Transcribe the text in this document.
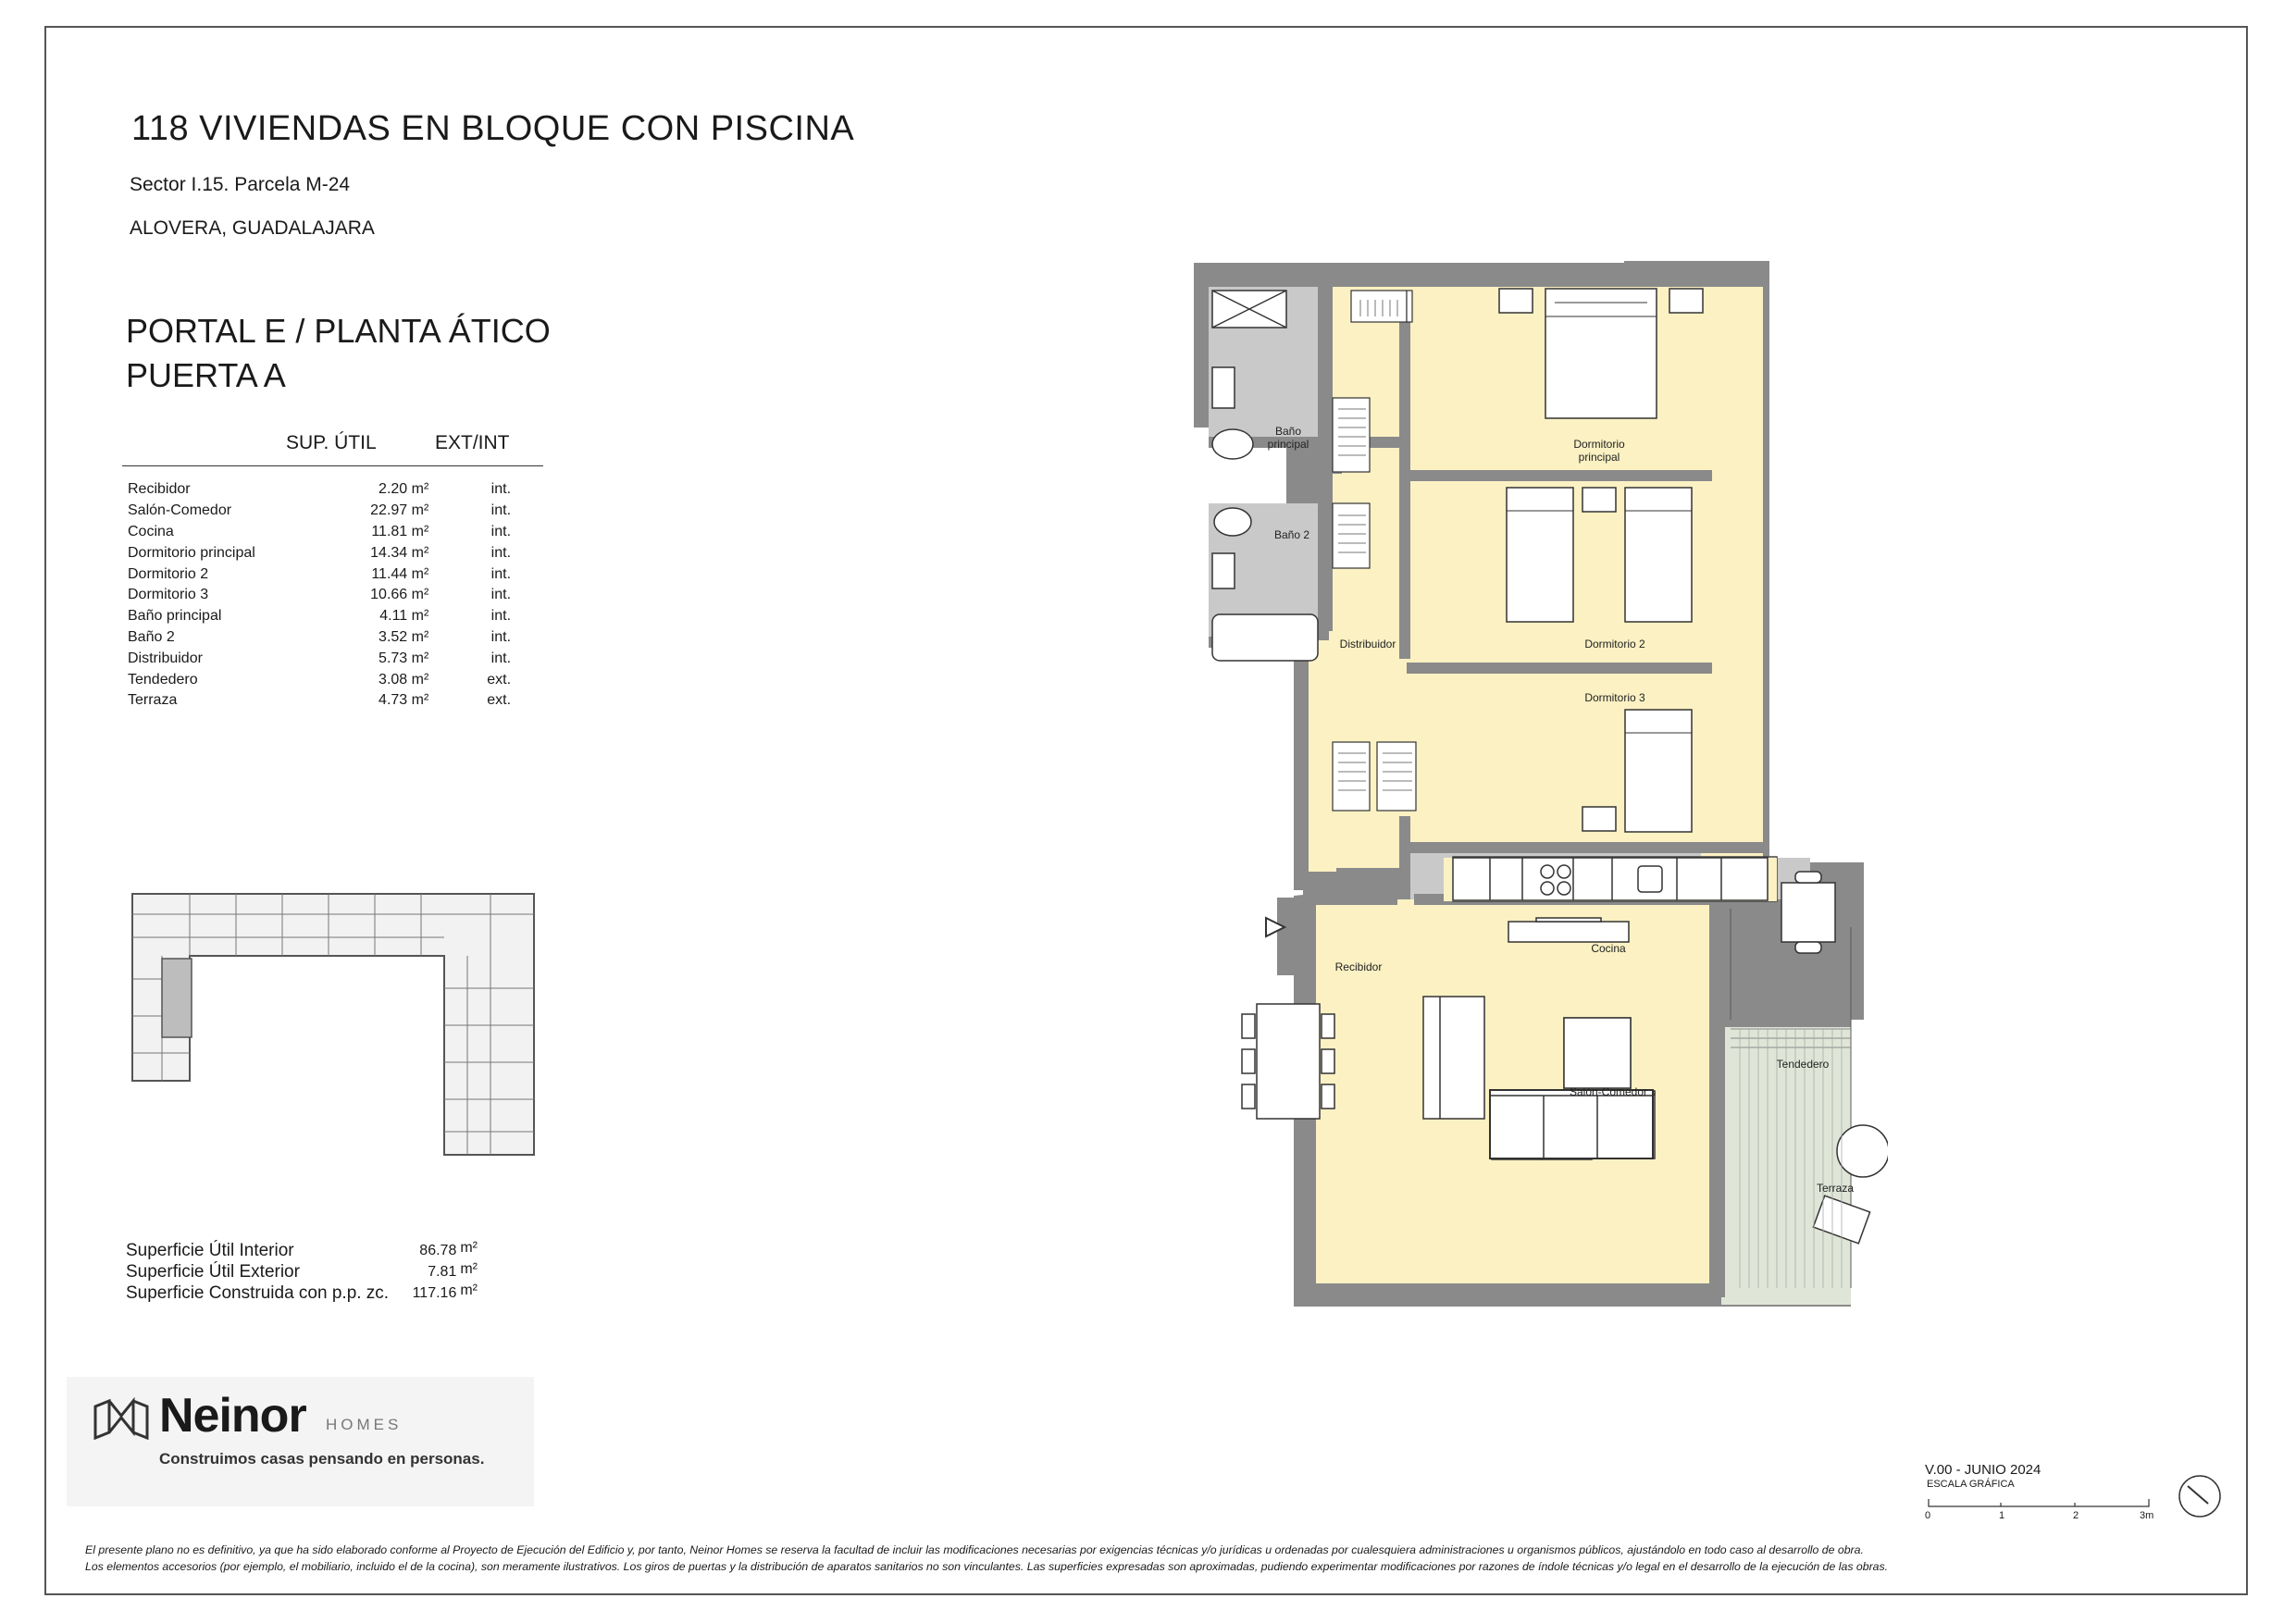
118 VIVIENDAS EN BLOQUE CON PISCINA
Sector I.15. Parcela M-24
ALOVERA, GUADALAJARA
PORTAL E / PLANTA ÁTICO
PUERTA A
SUP. ÚTIL	EXT/INT
Recibidor	2.20 m²	int.
Salón-Comedor	22.97 m²	int.
Cocina	11.81 m²	int.
Dormitorio principal	14.34 m²	int.
Dormitorio 2	11.44 m²	int.
Dormitorio 3	10.66 m²	int.
Baño principal	4.11 m²	int.
Baño 2	3.52 m²	int.
Distribuidor	5.73 m²	int.
Tendedero	3.08 m²	ext.
Terraza	4.73 m²	ext.
Superficie Útil Interior	86.78 m²
Superficie Útil Exterior	7.81 m²
Superficie Construida con p.p. zc.	117.16 m²
Neinor HOMES
Construimos casas pensando en personas.
Baño
principal
Baño 2
Dormitorio
principal
Dormitorio 2
Dormitorio 3
Distribuidor
Cocina
Recibidor
Salón-Comedor
Tendedero
Terraza
V.00 - JUNIO 2024
ESCALA GRÁFICA
0	1	2	3m
El presente plano no es definitivo, ya que ha sido elaborado conforme al Proyecto de Ejecución del Edificio y, por tanto, Neinor Homes se reserva la facultad de incluir las modificaciones necesarias por exigencias técnicas y/o jurídicas u ordenadas por cualesquiera administraciones u organismos públicos, ajustándolo en todo caso al desarrollo de obra.
Los elementos accesorios (por ejemplo, el mobiliario, incluido el de la cocina), son meramente ilustrativos. Los giros de puertas y la distribución de aparatos sanitarios no son vinculantes. Las superficies expresadas son aproximadas, pudiendo experimentar modificaciones por razones de índole técnicas y/o legal en el desarrollo de la ejecución de las obras.
